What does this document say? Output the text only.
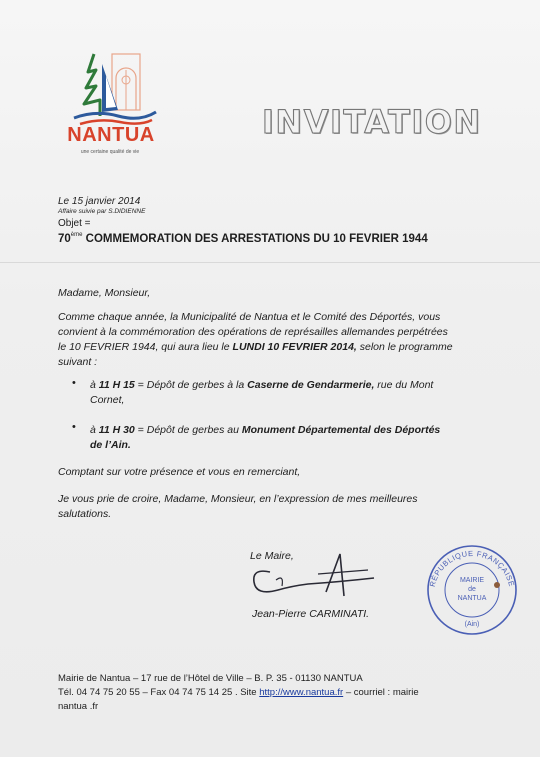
NANTUA
une certaine qualité de vie
INVITATION
Le 15 janvier 2014
Affaire suivie par S.DIDIENNE
Objet =
70ème COMMEMORATION DES ARRESTATIONS DU 10 FEVRIER 1944
Madame, Monsieur,
Comme chaque année, la Municipalité de Nantua et le Comité des Déportés, vous
convient à la commémoration des opérations de représailles allemandes perpétrées
le 10 FEVRIER 1944, qui aura lieu le LUNDI 10 FEVRIER 2014, selon le programme
suivant :
•	à 11 H 15 = Dépôt de gerbes à la Caserne de Gendarmerie, rue du Mont
Cornet,
•	à 11 H 30 = Dépôt de gerbes au Monument Départemental des Déportés
de l’Ain.
Comptant sur votre présence et vous en remerciant,
Je vous prie de croire, Madame, Monsieur, en l’expression de mes meilleures
salutations.
Le Maire,
Jean-Pierre CARMINATI.
RÉPUBLIQUE FRANÇAISE
MAIRIE
de
NANTUA
(Ain)
Mairie de Nantua – 17 rue de l’Hôtel de Ville – B. P. 35 - 01130 NANTUA
Tél. 04 74 75 20 55 – Fax 04 74 75 14 25 . Site http://www.nantua.fr – courriel : mairie
nantua .fr
